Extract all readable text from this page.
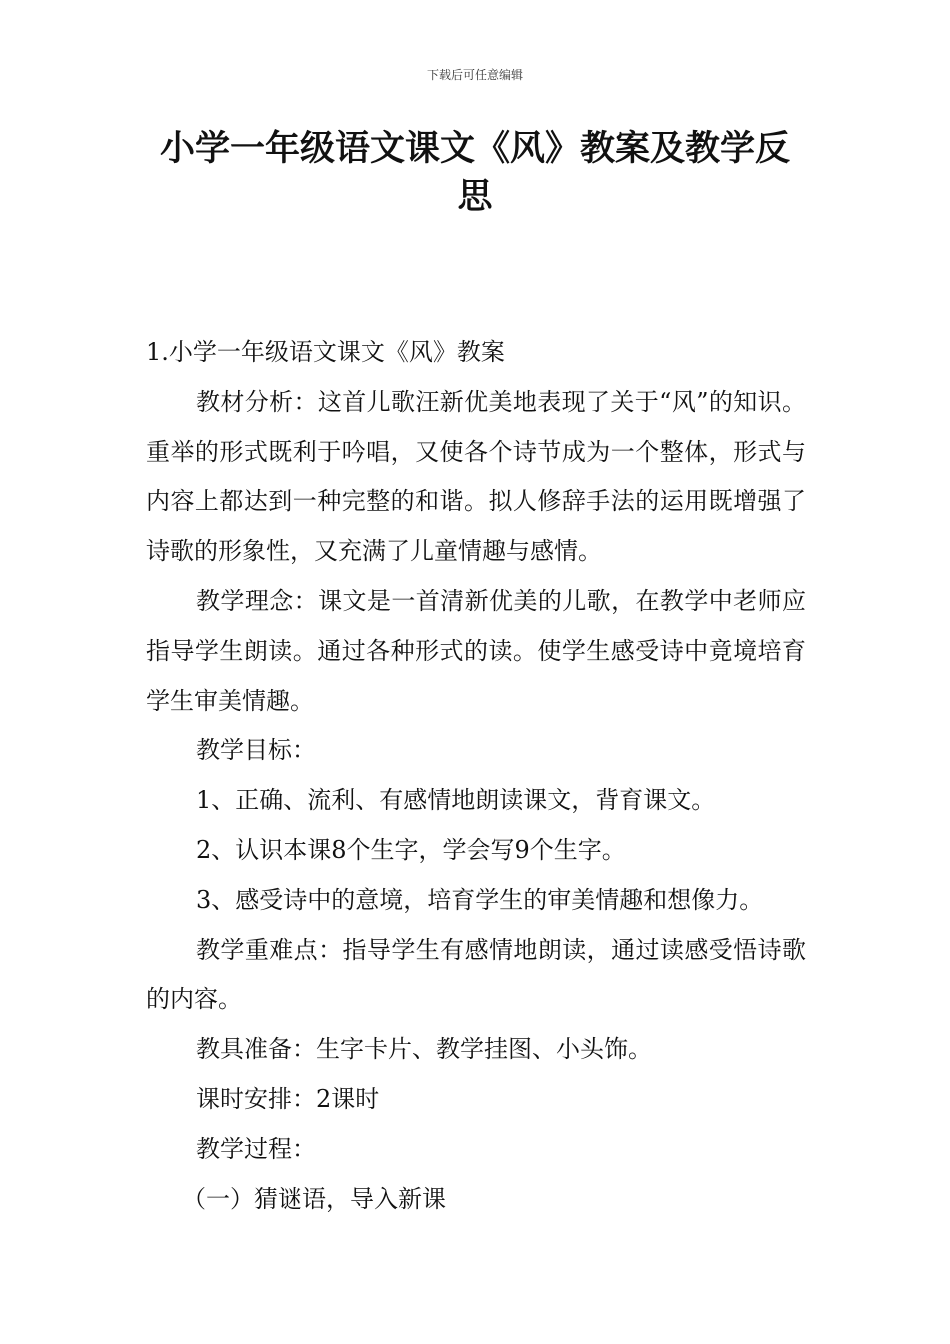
下载后可任意编辑
小学一年级语文课文《风》教案及教学反思

1.小学一年级语文课文《风》教案

教材分析：这首儿歌汪新优美地表现了关于“风”的知识。重举的形式既利于吟唱，又使各个诗节成为一个整体，形式与内容上都达到一种完整的和谐。拟人修辞手法的运用既增强了诗歌的形象性，又充满了儿童情趣与感情。

教学理念：课文是一首清新优美的儿歌，在教学中老师应指导学生朗读。通过各种形式的读。使学生感受诗中竟境培育学生审美情趣。

教学目标：

1、正确、流利、有感情地朗读课文，背育课文。

2、认识本课8个生字，学会写9个生字。

3、感受诗中的意境，培育学生的审美情趣和想像力。

教学重难点：指导学生有感情地朗读，通过读感受悟诗歌的内容。

教具准备：生字卡片、教学挂图、小头饰。

课时安排：2课时

教学过程：

（一）猜谜语，导入新课
